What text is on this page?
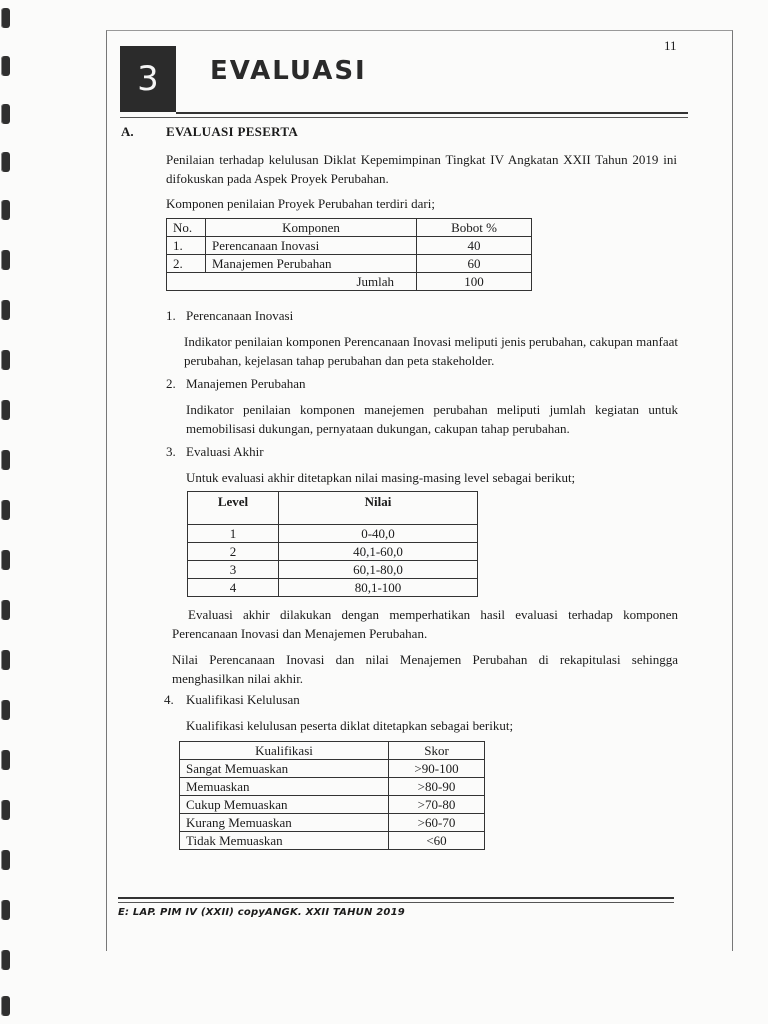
11
3 EVALUASI
A. EVALUASI PESERTA
Penilaian terhadap kelulusan Diklat Kepemimpinan Tingkat IV Angkatan XXII Tahun 2019 ini difokuskan pada Aspek Proyek Perubahan.
Komponen penilaian Proyek Perubahan terdiri dari;
No.	Komponen	Bobot %
1.	Perencanaan Inovasi	40
2.	Manajemen Perubahan	60
Jumlah		100
1. Perencanaan Inovasi
Indikator penilaian komponen Perencanaan Inovasi meliputi jenis perubahan, cakupan manfaat perubahan, kejelasan tahap perubahan dan peta stakeholder.
2. Manajemen Perubahan
Indikator penilaian komponen manejemen perubahan meliputi jumlah kegiatan untuk memobilisasi dukungan, pernyataan dukungan, cakupan tahap perubahan.
3. Evaluasi Akhir
Untuk evaluasi akhir ditetapkan nilai masing-masing level sebagai berikut;
Level	Nilai
1	0-40,0
2	40,1-60,0
3	60,1-80,0
4	80,1-100
Evaluasi akhir dilakukan dengan memperhatikan hasil evaluasi terhadap komponen Perencanaan Inovasi dan Menajemen Perubahan.
Nilai Perencanaan Inovasi dan nilai Menajemen Perubahan di rekapitulasi sehingga menghasilkan nilai akhir.
4. Kualifikasi Kelulusan
Kualifikasi kelulusan peserta diklat ditetapkan sebagai berikut;
Kualifikasi	Skor
Sangat Memuaskan	>90-100
Memuaskan	>80-90
Cukup Memuaskan	>70-80
Kurang Memuaskan	>60-70
Tidak Memuaskan	<60
E: LAP. PIM IV (XXII) copyANGK. XXII TAHUN 2019
